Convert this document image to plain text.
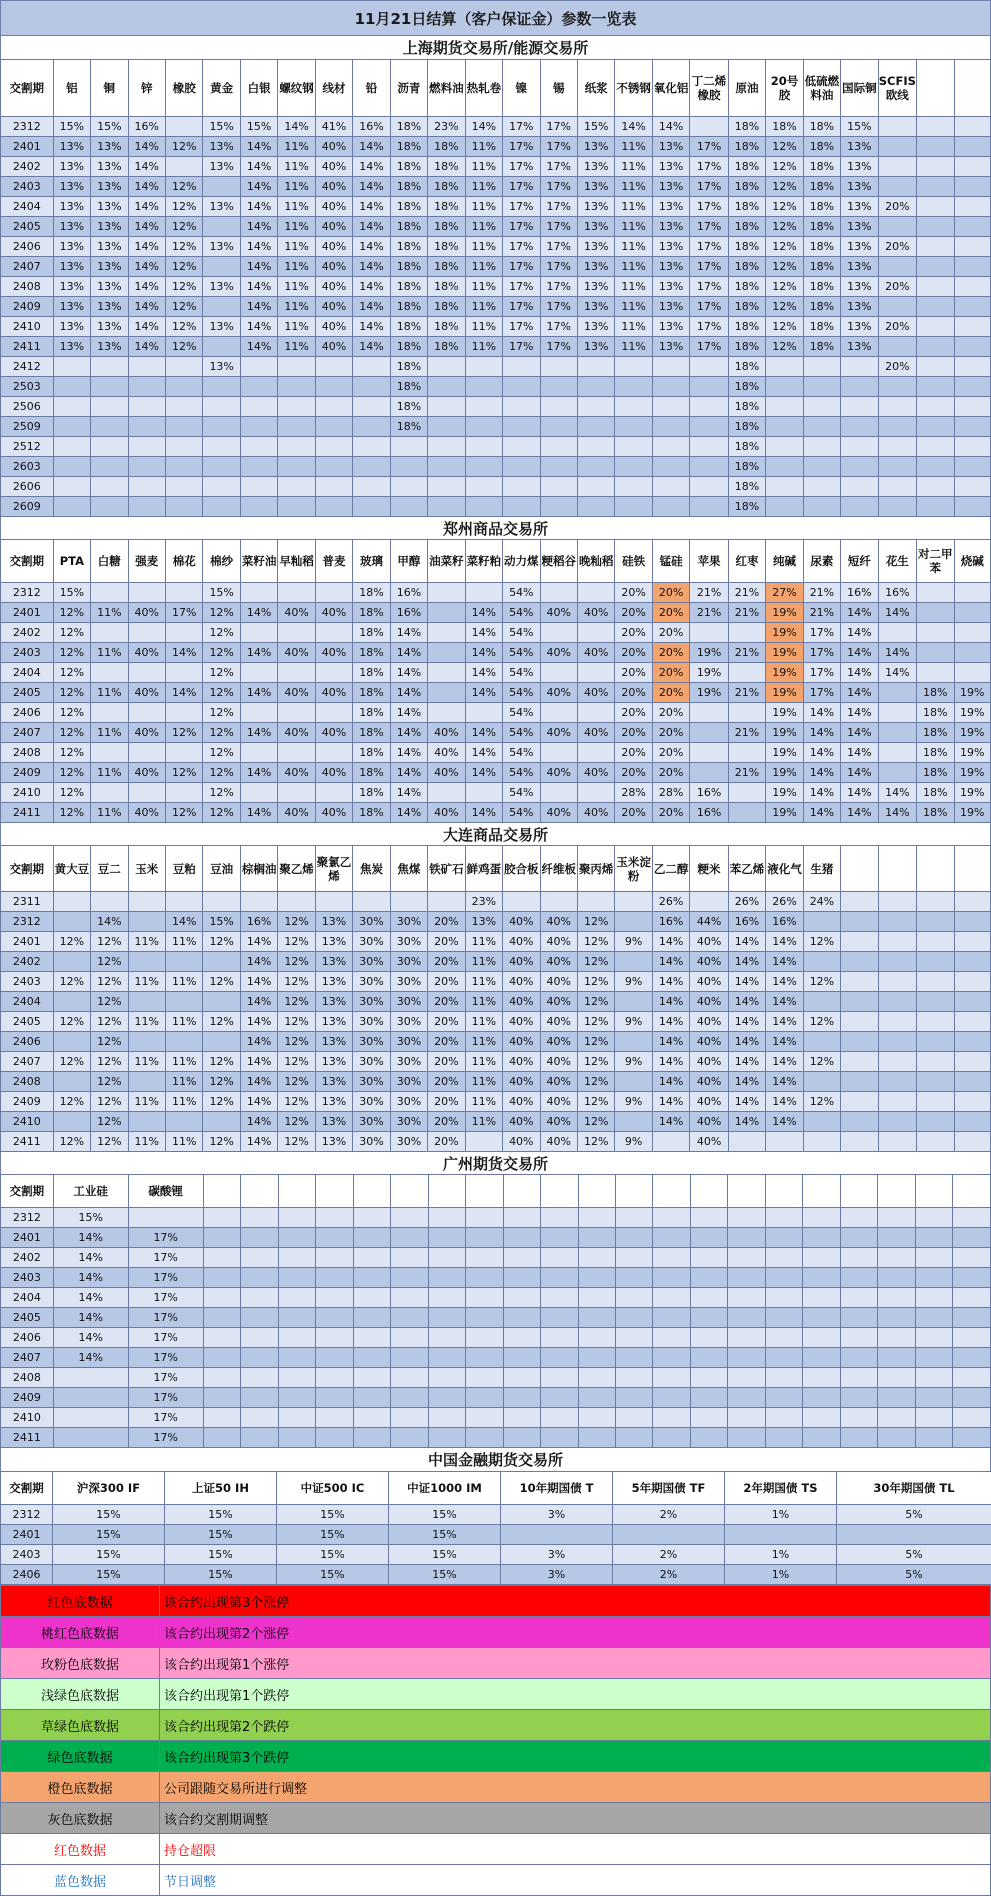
11月21日结算（客户保证金）参数一览表
上海期货交易所/能源交易所
交割期	铝	铜	锌	橡胶	黄金	白银	螺纹钢	线材	铅	沥青	燃料油	热轧卷	镍	锡	纸浆	不锈钢	氧化铝	丁二烯橡胶	原油	20号胶	低硫燃料油	国际铜	SCFIS欧线		
2312	15%	15%	16%		15%	15%	14%	41%	16%	18%	23%	14%	17%	17%	15%	14%	14%		18%	18%	18%	15%			
2401	13%	13%	14%	12%	13%	14%	11%	40%	14%	18%	18%	11%	17%	17%	13%	11%	13%	17%	18%	12%	18%	13%			
2402	13%	13%	14%		13%	14%	11%	40%	14%	18%	18%	11%	17%	17%	13%	11%	13%	17%	18%	12%	18%	13%			
2403	13%	13%	14%	12%		14%	11%	40%	14%	18%	18%	11%	17%	17%	13%	11%	13%	17%	18%	12%	18%	13%			
2404	13%	13%	14%	12%	13%	14%	11%	40%	14%	18%	18%	11%	17%	17%	13%	11%	13%	17%	18%	12%	18%	13%	20%		
2405	13%	13%	14%	12%		14%	11%	40%	14%	18%	18%	11%	17%	17%	13%	11%	13%	17%	18%	12%	18%	13%			
2406	13%	13%	14%	12%	13%	14%	11%	40%	14%	18%	18%	11%	17%	17%	13%	11%	13%	17%	18%	12%	18%	13%	20%		
2407	13%	13%	14%	12%		14%	11%	40%	14%	18%	18%	11%	17%	17%	13%	11%	13%	17%	18%	12%	18%	13%			
2408	13%	13%	14%	12%	13%	14%	11%	40%	14%	18%	18%	11%	17%	17%	13%	11%	13%	17%	18%	12%	18%	13%	20%		
2409	13%	13%	14%	12%		14%	11%	40%	14%	18%	18%	11%	17%	17%	13%	11%	13%	17%	18%	12%	18%	13%			
2410	13%	13%	14%	12%	13%	14%	11%	40%	14%	18%	18%	11%	17%	17%	13%	11%	13%	17%	18%	12%	18%	13%	20%		
2411	13%	13%	14%	12%		14%	11%	40%	14%	18%	18%	11%	17%	17%	13%	11%	13%	17%	18%	12%	18%	13%			
2412					13%					18%									18%				20%		
2503										18%									18%						
2506										18%									18%						
2509										18%									18%						
2512																			18%						
2603																			18%						
2606																			18%						
2609																			18%						
郑州商品交易所
交割期	PTA	白糖	强麦	棉花	棉纱	菜籽油	早籼稻	普麦	玻璃	甲醇	油菜籽	菜籽粕	动力煤	粳稻谷	晚籼稻	硅铁	锰硅	苹果	红枣	纯碱	尿素	短纤	花生	对二甲苯	烧碱
2312	15%				15%				18%	16%			54%			20%	20%	21%	21%	27%	21%	16%	16%		
2401	12%	11%	40%	17%	12%	14%	40%	40%	18%	16%		14%	54%	40%	40%	20%	20%	21%	21%	19%	21%	14%	14%		
2402	12%				12%				18%	14%		14%	54%			20%	20%			19%	17%	14%			
2403	12%	11%	40%	14%	12%	14%	40%	40%	18%	14%		14%	54%	40%	40%	20%	20%	19%	21%	19%	17%	14%	14%		
2404	12%				12%				18%	14%		14%	54%			20%	20%	19%		19%	17%	14%	14%		
2405	12%	11%	40%	14%	12%	14%	40%	40%	18%	14%		14%	54%	40%	40%	20%	20%	19%	21%	19%	17%	14%		18%	19%
2406	12%				12%				18%	14%			54%			20%	20%			19%	14%	14%		18%	19%
2407	12%	11%	40%	12%	12%	14%	40%	40%	18%	14%	40%	14%	54%	40%	40%	20%	20%		21%	19%	14%	14%		18%	19%
2408	12%				12%				18%	14%	40%	14%	54%			20%	20%			19%	14%	14%		18%	19%
2409	12%	11%	40%	12%	12%	14%	40%	40%	18%	14%	40%	14%	54%	40%	40%	20%	20%		21%	19%	14%	14%		18%	19%
2410	12%				12%				18%	14%			54%			28%	28%	16%		19%	14%	14%	14%	18%	19%
2411	12%	11%	40%	12%	12%	14%	40%	40%	18%	14%	40%	14%	54%	40%	40%	20%	20%	16%		19%	14%	14%	14%	18%	19%
大连商品交易所
交割期	黄大豆	豆二	玉米	豆粕	豆油	棕榈油	聚乙烯	聚氯乙烯	焦炭	焦煤	铁矿石	鲜鸡蛋	胶合板	纤维板	聚丙烯	玉米淀粉	乙二醇	粳米	苯乙烯	液化气	生猪				
2311												23%					26%		26%	26%	24%				
2312		14%		14%	15%	16%	12%	13%	30%	30%	20%	13%	40%	40%	12%		16%	44%	16%	16%					
2401	12%	12%	11%	11%	12%	14%	12%	13%	30%	30%	20%	11%	40%	40%	12%	9%	14%	40%	14%	14%	12%				
2402		12%				14%	12%	13%	30%	30%	20%	11%	40%	40%	12%		14%	40%	14%	14%					
2403	12%	12%	11%	11%	12%	14%	12%	13%	30%	30%	20%	11%	40%	40%	12%	9%	14%	40%	14%	14%	12%				
2404		12%				14%	12%	13%	30%	30%	20%	11%	40%	40%	12%		14%	40%	14%	14%					
2405	12%	12%	11%	11%	12%	14%	12%	13%	30%	30%	20%	11%	40%	40%	12%	9%	14%	40%	14%	14%	12%				
2406		12%				14%	12%	13%	30%	30%	20%	11%	40%	40%	12%		14%	40%	14%	14%					
2407	12%	12%	11%	11%	12%	14%	12%	13%	30%	30%	20%	11%	40%	40%	12%	9%	14%	40%	14%	14%	12%				
2408		12%		11%	12%	14%	12%	13%	30%	30%	20%	11%	40%	40%	12%		14%	40%	14%	14%					
2409	12%	12%	11%	11%	12%	14%	12%	13%	30%	30%	20%	11%	40%	40%	12%	9%	14%	40%	14%	14%	12%				
2410		12%				14%	12%	13%	30%	30%	20%	11%	40%	40%	12%		14%	40%	14%	14%					
2411	12%	12%	11%	11%	12%	14%	12%	13%	30%	30%	20%		40%	40%	12%	9%		40%							
广州期货交易所
交割期	工业硅	碳酸锂																					
2312	15%																						
2401	14%	17%																					
2402	14%	17%																					
2403	14%	17%																					
2404	14%	17%																					
2405	14%	17%																					
2406	14%	17%																					
2407	14%	17%																					
2408		17%																					
2409		17%																					
2410		17%																					
2411		17%																					
中国金融期货交易所
交割期	沪深300 IF	上证50 IH	中证500 IC	中证1000 IM	10年期国债 T	5年期国债 TF	2年期国债 TS	30年期国债 TL
2312	15%	15%	15%	15%	3%	2%	1%	5%
2401	15%	15%	15%	15%				
2403	15%	15%	15%	15%	3%	2%	1%	5%
2406	15%	15%	15%	15%	3%	2%	1%	5%
红色底数据	该合约出现第3个涨停
桃红色底数据	该合约出现第2个涨停
玫粉色底数据	该合约出现第1个涨停
浅绿色底数据	该合约出现第1个跌停
草绿色底数据	该合约出现第2个跌停
绿色底数据	该合约出现第3个跌停
橙色底数据	公司跟随交易所进行调整
灰色底数据	该合约交割期调整
红色数据	持仓超限
蓝色数据	节日调整
